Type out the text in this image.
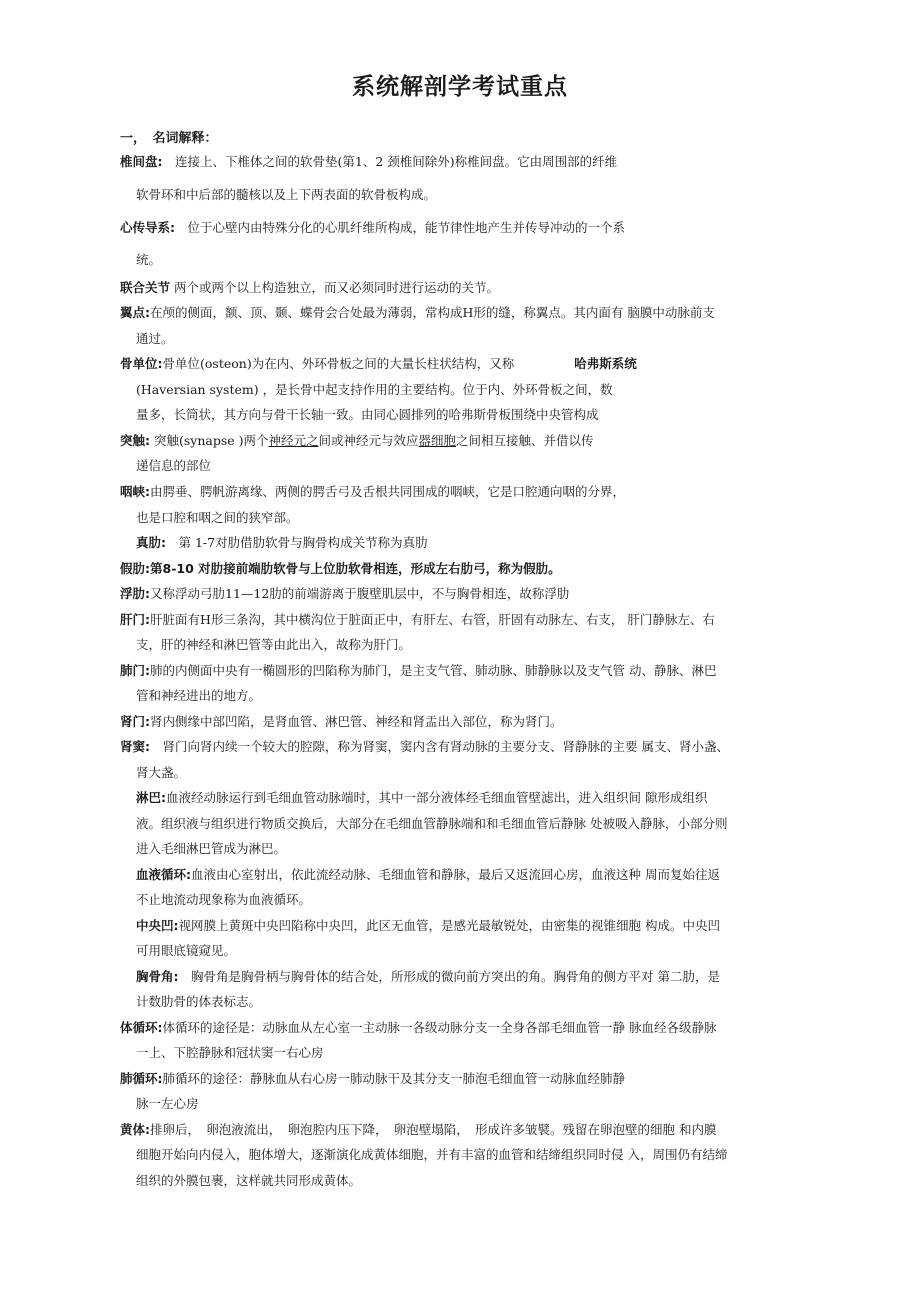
系统解剖学考试重点
一，　名词解释：
椎间盘:　连接上、下椎体之间的软骨垫(第1、2 颈椎间除外)称椎间盘。它由周围部的纤维
软骨环和中后部的髓核以及上下两表面的软骨板构成。
心传导系:　位于心壁内由特殊分化的心肌纤维所构成，能节律性地产生并传导冲动的一个系
统。
联合关节 两个或两个以上构造独立，而又必须同时进行运动的关节。
翼点:在颅的侧面，额、顶、颞、蝶骨会合处最为薄弱，常构成H形的缝，称翼点。其内面有 脑膜中动脉前支
通过。
骨单位:骨单位(osteon)为在内、外环骨板之间的大量长柱状结构，又称	哈弗斯系统
(Haversian system) ，是长骨中起支持作用的主要结构。位于内、外环骨板之间，数
量多，长筒状，其方向与骨干长轴一致。由同心圆排列的哈弗斯骨板围绕中央管构成
突触: 突触(synapse )两个神经元之间或神经元与效应器细胞之间相互接触、并借以传
递信息的部位
咽峡:由腭垂、腭帆游离缘、两侧的腭舌弓及舌根共同围成的咽峡，它是口腔通向咽的分界，
也是口腔和咽之间的狭窄部。
真肋:　第 1-7对肋借肋软骨与胸骨构成关节称为真肋
假肋:第8-10 对肋接前端肋软骨与上位肋软骨相连，形成左右肋弓，称为假肋。
浮肋:又称浮动弓肋11—12肋的前端游离于腹壁肌层中，不与胸骨相连，故称浮肋
肝门:肝脏面有H形三条沟，其中横沟位于脏面正中，有肝左、右管，肝固有动脉左、右支， 肝门静脉左、右
支，肝的神经和淋巴管等由此出入，故称为肝门。
肺门:肺的内侧面中央有一椭圆形的凹陷称为肺门，是主支气管、肺动脉、肺静脉以及支气管 动、静脉、淋巴
管和神经进出的地方。
肾门:肾内侧缘中部凹陷，是肾血管、淋巴管、神经和肾盂出入部位，称为肾门。
肾窦:　肾门向肾内续一个较大的腔隙，称为肾窦，窦内含有肾动脉的主要分支、肾静脉的主要 属支、肾小盏、
肾大盏。
淋巴:血液经动脉运行到毛细血管动脉端时，其中一部分液体经毛细血管壁滤出，进入组织间 隙形成组织
液。组织液与组织进行物质交换后，大部分在毛细血管静脉端和和毛细血管后静脉 处被吸入静脉，小部分则
进入毛细淋巴管成为淋巴。
血液循环:血液由心室射出，依此流经动脉、毛细血管和静脉，最后又返流回心房，血液这种 周而复始往返
不止地流动现象称为血液循环。
中央凹:视网膜上黄斑中央凹陷称中央凹，此区无血管，是感光最敏锐处，由密集的视锥细胞 构成。中央凹
可用眼底镜窥见。
胸骨角:　胸骨角是胸骨柄与胸骨体的结合处，所形成的微向前方突出的角。胸骨角的侧方平对 第二肋，是
计数肋骨的体表标志。
体循环:体循环的途径是：动脉血从左心室一主动脉一各级动脉分支一全身各部毛细血管一静 脉血经各级静脉
一上、下腔静脉和冠状窦一右心房
肺循环:肺循环的途径：静脉血从右心房一肺动脉干及其分支一肺泡毛细血管一动脉血经肺静
脉一左心房
黄体:排卵后，　卵泡液流出，　卵泡腔内压下降，　卵泡壁塌陷，　形成许多皱襞。残留在卵泡壁的细胞 和内膜
细胞开始向内侵入，胞体增大，逐渐演化成黄体细胞，并有丰富的血管和结缔组织同时侵 入，周围仍有结缔
组织的外膜包裹，这样就共同形成黄体。
